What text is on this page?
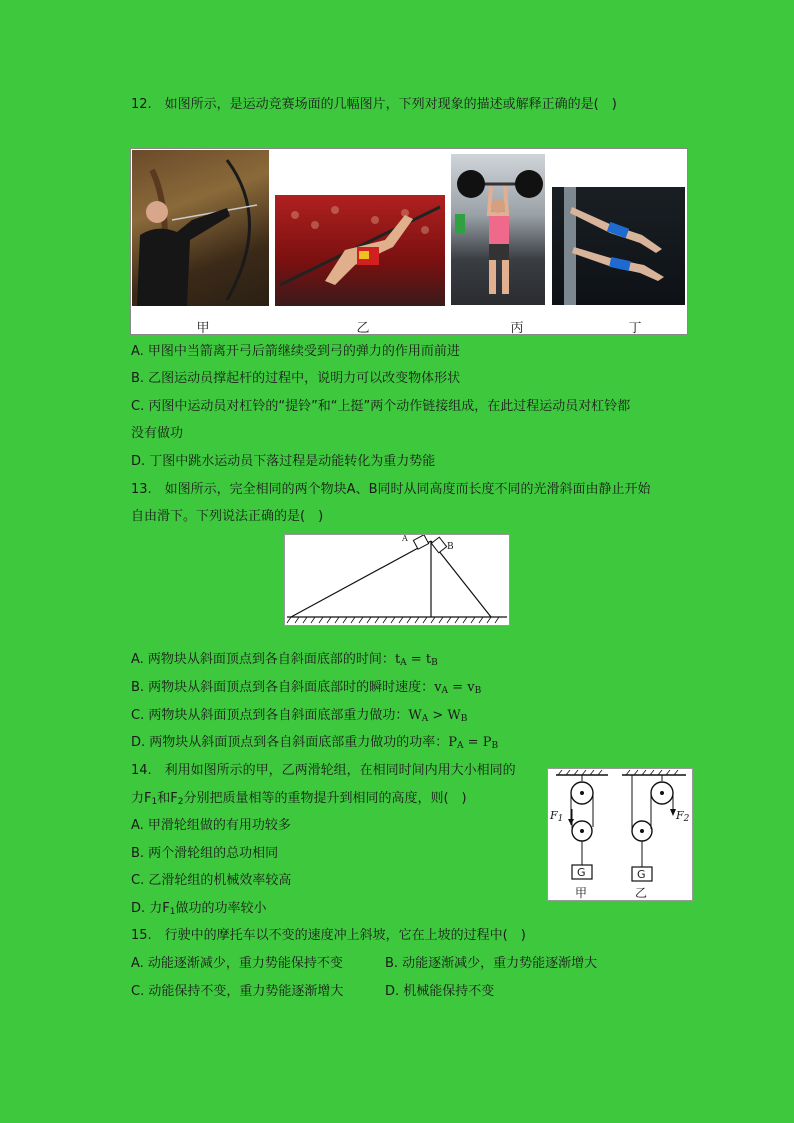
12.　如图所示，是运动竞赛场面的几幅图片，下列对现象的描述或解释正确的是(　)
甲	乙	丙	丁
A. 甲图中当箭离开弓后箭继续受到弓的弹力的作用而前进
B. 乙图运动员撑起杆的过程中，说明力可以改变物体形状
C. 丙图中运动员对杠铃的“提铃”和“上挺”两个动作链接组成，在此过程运动员对杠铃都
没有做功
D. 丁图中跳水运动员下落过程是动能转化为重力势能
13.　如图所示，完全相同的两个物块A、B同时从同高度而长度不同的光滑斜面由静止开始
自由滑下。下列说法正确的是(　)
A
B
A. 两物块从斜面顶点到各自斜面底部的时间：$t_A = t_B$
B. 两物块从斜面顶点到各自斜面底部时的瞬时速度：$v_A = v_B$
C. 两物块从斜面顶点到各自斜面底部重力做功：$W_A > W_B$
D. 两物块从斜面顶点到各自斜面底部重力做功的功率：$P_A = P_B$
14.　利用如图所示的甲，乙两滑轮组，在相同时间内用大小相同的
力$F_1$和$F_2$分别把质量相等的重物提升到相同的高度，则(　)
A. 甲滑轮组做的有用功较多
B. 两个滑轮组的总功相同
C. 乙滑轮组的机械效率较高
D. 力$F_1$做功的功率较小
$F_1$	$F_2$
G	G
甲	乙
15.　行驶中的摩托车以不变的速度冲上斜坡，它在上坡的过程中(　)
A. 动能逐渐减少，重力势能保持不变	B. 动能逐渐减少，重力势能逐渐增大
C. 动能保持不变，重力势能逐渐增大	D. 机械能保持不变
